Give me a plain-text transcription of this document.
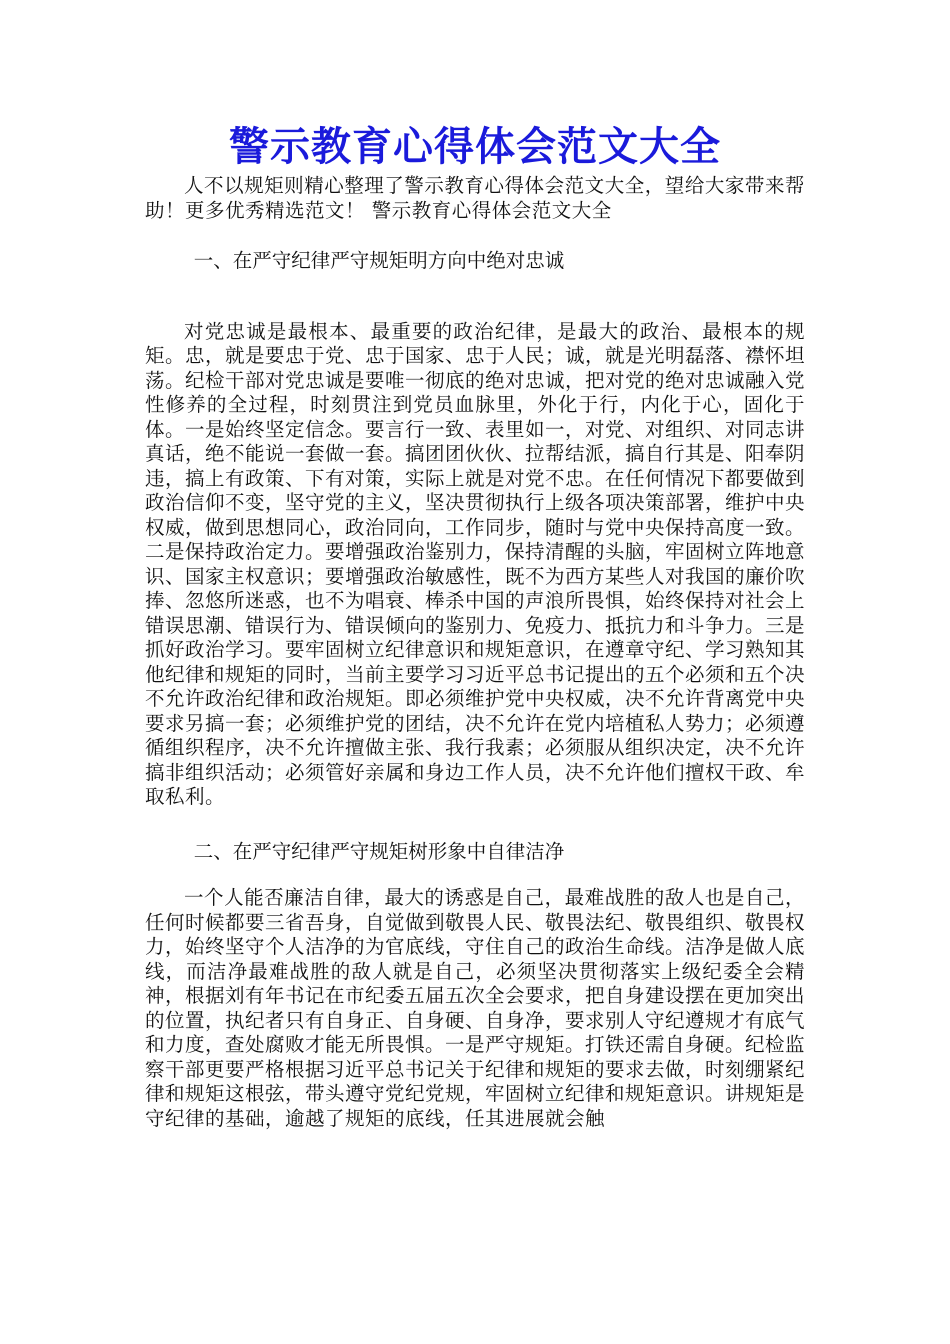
警示教育心得体会范文大全

人不以规矩则精心整理了警示教育心得体会范文大全，望给大家带来帮助！更多优秀精选范文！ 警示教育心得体会范文大全

一、在严守纪律严守规矩明方向中绝对忠诚

对党忠诚是最根本、最重要的政治纪律，是最大的政治、最根本的规矩。忠，就是要忠于党、忠于国家、忠于人民；诚，就是光明磊落、襟怀坦荡。纪检干部对党忠诚是要唯一彻底的绝对忠诚，把对党的绝对忠诚融入党性修养的全过程，时刻贯注到党员血脉里，外化于行，内化于心，固化于体。一是始终坚定信念。要言行一致、表里如一，对党、对组织、对同志讲真话，绝不能说一套做一套。搞团团伙伙、拉帮结派，搞自行其是、阳奉阴违，搞上有政策、下有对策，实际上就是对党不忠。在任何情况下都要做到政治信仰不变，坚守党的主义，坚决贯彻执行上级各项决策部署，维护中央权威，做到思想同心，政治同向，工作同步，随时与党中央保持高度一致。二是保持政治定力。要增强政治鉴别力，保持清醒的头脑，牢固树立阵地意识、国家主权意识；要增强政治敏感性，既不为西方某些人对我国的廉价吹捧、忽悠所迷惑，也不为唱衰、棒杀中国的声浪所畏惧，始终保持对社会上错误思潮、错误行为、错误倾向的鉴别力、免疫力、抵抗力和斗争力。三是抓好政治学习。要牢固树立纪律意识和规矩意识，在遵章守纪、学习熟知其他纪律和规矩的同时，当前主要学习习近平总书记提出的五个必须和五个决不允许政治纪律和政治规矩。即必须维护党中央权威，决不允许背离党中央要求另搞一套；必须维护党的团结，决不允许在党内培植私人势力；必须遵循组织程序，决不允许擅做主张、我行我素；必须服从组织决定，决不允许搞非组织活动；必须管好亲属和身边工作人员，决不允许他们擅权干政、牟取私利。

二、在严守纪律严守规矩树形象中自律洁净

一个人能否廉洁自律，最大的诱惑是自己，最难战胜的敌人也是自己，任何时候都要三省吾身，自觉做到敬畏人民、敬畏法纪、敬畏组织、敬畏权力，始终坚守个人洁净的为官底线，守住自己的政治生命线。洁净是做人底线，而洁净最难战胜的敌人就是自己，必须坚决贯彻落实上级纪委全会精神，根据刘有年书记在市纪委五届五次全会要求，把自身建设摆在更加突出的位置，执纪者只有自身正、自身硬、自身净，要求别人守纪遵规才有底气和力度，查处腐败才能无所畏惧。一是严守规矩。打铁还需自身硬。纪检监察干部更要严格根据习近平总书记关于纪律和规矩的要求去做，时刻绷紧纪律和规矩这根弦，带头遵守党纪党规，牢固树立纪律和规矩意识。讲规矩是守纪律的基础，逾越了规矩的底线，任其进展就会触
